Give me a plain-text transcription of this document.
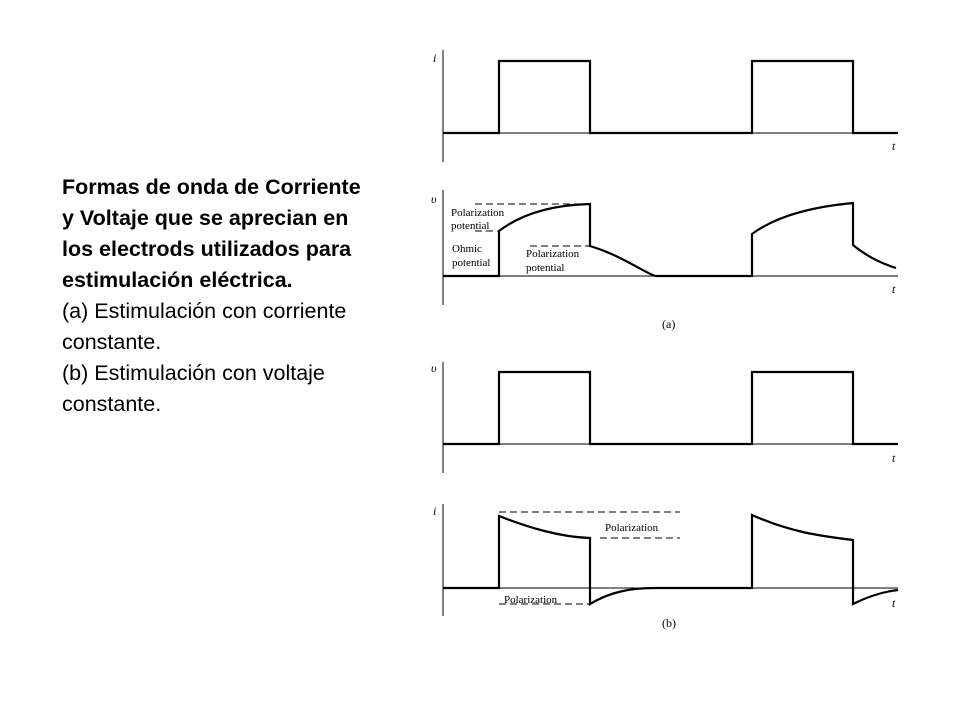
Formas de onda de Corriente y Voltaje que se aprecian en los electrods utilizados para estimulación eléctrica.
(a) Estimulación con corriente constante.
(b) Estimulación con voltaje constante.
i
t
υ
t
Polarization
potential
Ohmic
potential
Polarization
potential
(a)
υ
t
i
t
Polarization
Polarization
(b)
